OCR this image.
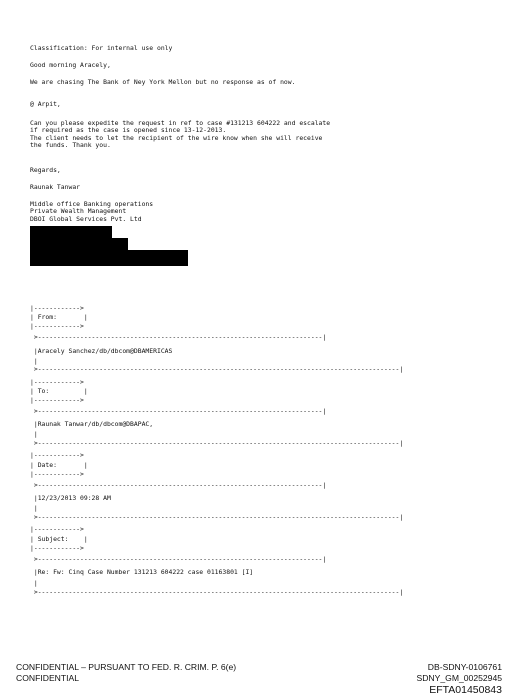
Classification: For internal use only

Good morning Aracely,

We are chasing The Bank of Ney York Mellon but no response as of now.

@ Arpit,

Can you please expedite the request in ref to case #131213 604222 and escalate

if required as the case is opened since 13-12-2013.

The client needs to let the recipient of the wire know when she will receive

the funds. Thank you.

Regards,

Raunak Tanwar

Middle office Banking operations

Private Wealth Management

DBOI Global Services Pvt. Ltd

|------------>

| From:       |

|------------>

>--------------------------------------------------------------------------|

|Aracely Sanchez/db/dbcom@DBAMERICAS

|

>----------------------------------------------------------------------------------------------|

|------------>

| To:         |

|------------>

>--------------------------------------------------------------------------|

|Raunak Tanwar/db/dbcom@DBAPAC,

|

>----------------------------------------------------------------------------------------------|

|------------>

| Date:       |

|------------>

>--------------------------------------------------------------------------|

|12/23/2013 09:28 AM

|

>----------------------------------------------------------------------------------------------|

|------------>

| Subject:    |

|------------>

>--------------------------------------------------------------------------|

|Re: Fw: Cinq Case Number 131213 604222 case 01163801 [I]

|

>----------------------------------------------------------------------------------------------|

CONFIDENTIAL – PURSUANT TO FED. R. CRIM. P. 6(e)
CONFIDENTIAL
DB-SDNY-0106761
SDNY_GM_00252945
EFTA01450843
